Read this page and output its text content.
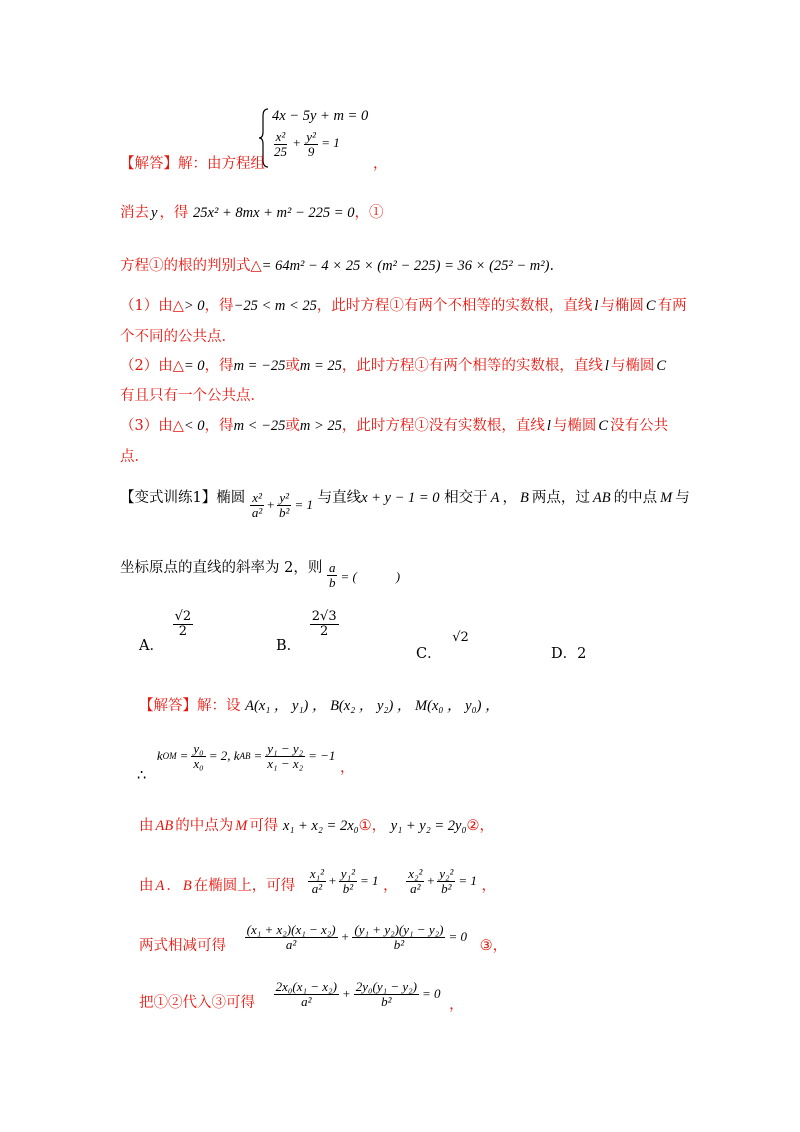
4x − 5y + m = 0
$\frac{\text{x²}}{25} + \frac{\text{y²}}{9} = 1$
【解答】解：由方程组	，
消去 y ，得 25x² + 8mx + m² − 225 = 0，①
方程①的根的判别式△= 64m² − 4 × 25 × (m² − 225) = 36 × (25² − m²)．
（1）由△> 0，得−25 < m < 25，此时方程①有两个不相等的实数根，直线 l 与椭圆 C 有两
个不同的公共点．
（2）由△= 0，得m = −25或m = 25，此时方程①有两个相等的实数根，直线 l 与椭圆 C
有且只有一个公共点．
（3）由△< 0，得m < −25或m > 25，此时方程①没有实数根，直线 l 与椭圆 C 没有公共
点．
【变式训练1】椭圆 $\frac{\text{x²}}{\text{a²}} + \frac{\text{y²}}{\text{b²}} = 1$ 与直线x + y − 1 = 0 相交于 A ， B 两点，过 AB 的中点 M 与
坐标原点的直线的斜率为 2，则 $\frac{a}{b}$ = (　　　)
A．
$\frac{√2}{2}$
B．
$\frac{2√3}{2}$
C． √2
D．2
【解答】解：设 A(x₁ ， y₁) ， B(x₂ ， y₂) ， M(x₀ ， y₀) ，
∴
k OM = $\frac{\text{y₀}}{\text{x₀}} = 2$, k AB = $\frac{\text{y₁ − y₂}}{\text{x₁ − x₂}} = -1$
，
由 AB 的中点为 M 可得 x₁ + x₂ = 2x₀①， y₁ + y₂ = 2y₀②，
由 A ． B 在椭圆上，可得 $\frac{\text{x₁²}}{\text{a²}} + \frac{\text{y₁²}}{\text{b²}} = 1$ ， $\frac{\text{x₂²}}{\text{a²}} + \frac{\text{y₂²}}{\text{b²}} = 1$ ，
两式相减可得 $\frac{\text{(x₁ + x₂)(x₁ − x₂)}}{\text{a²}} + \frac{\text{(y₁ + y₂)(y₁ − y₂)}}{\text{b²}} = 0$
③，
把①②代入③可得 $\frac{\text{2x₀(x₁ − x₂)}}{\text{a²}} + \frac{\text{2y₀(y₁ − y₂)}}{\text{b²}} = 0$
，
